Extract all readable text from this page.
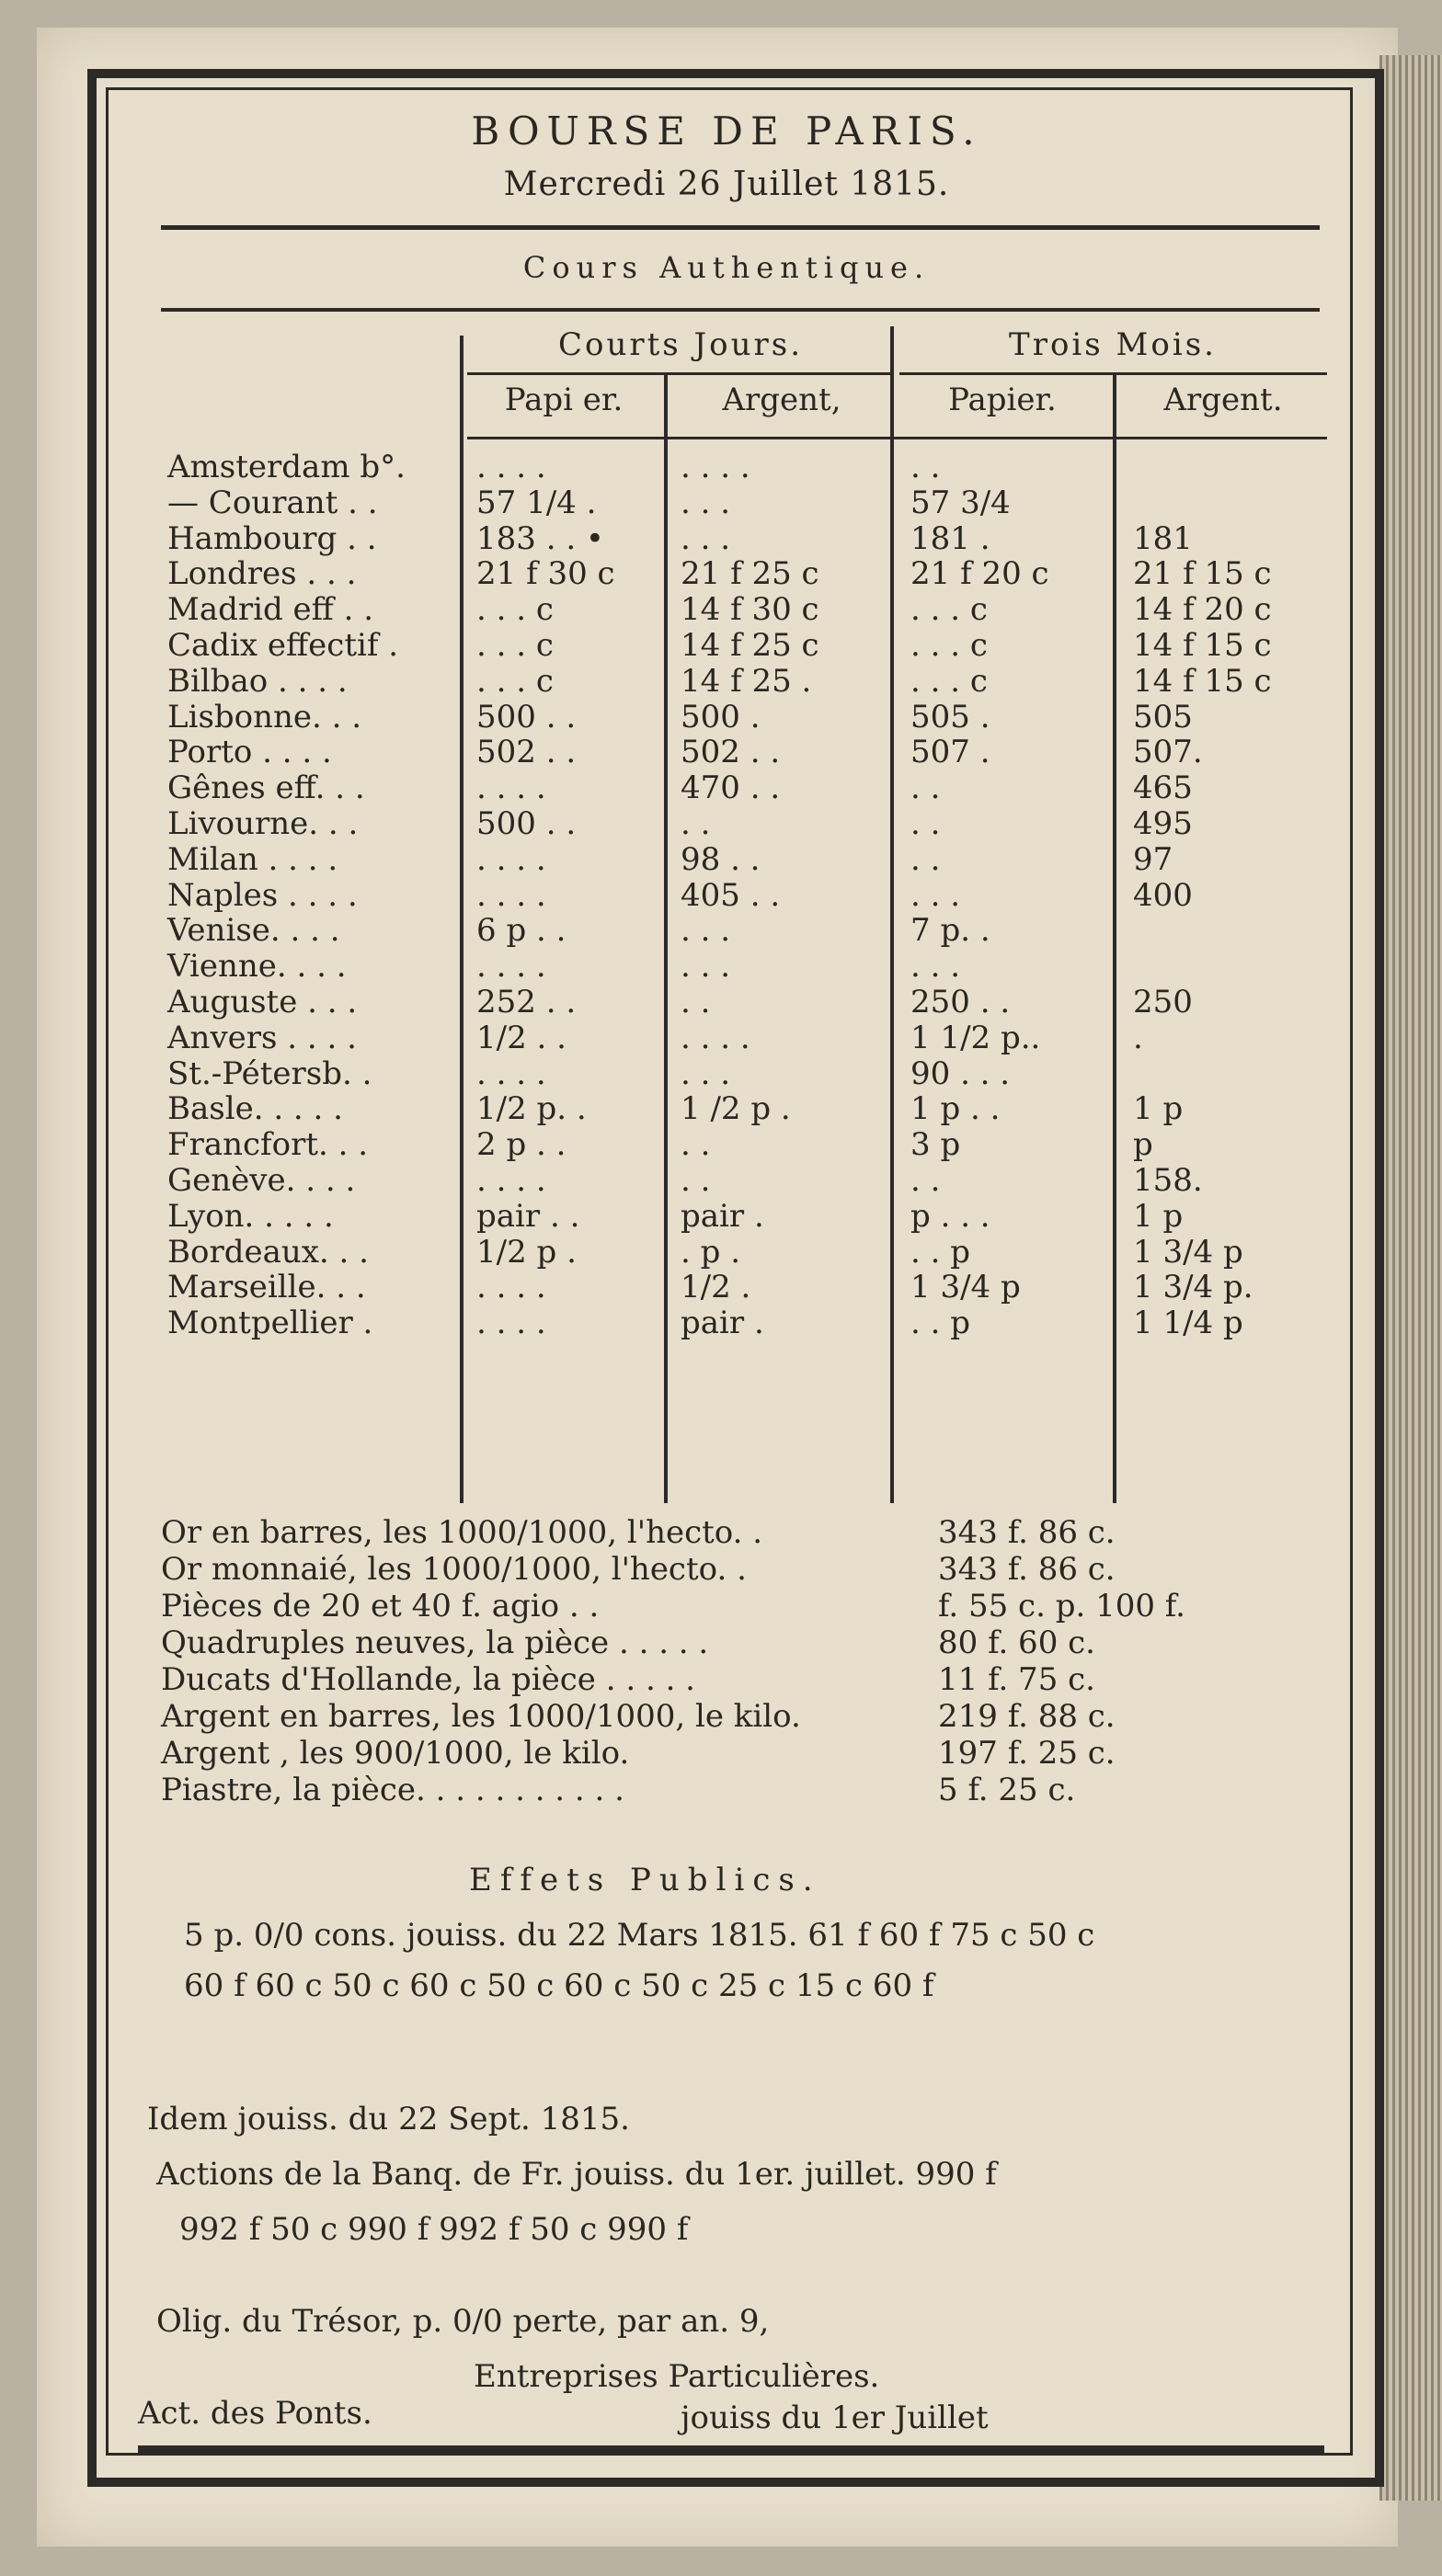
BOURSE DE PARIS.
Mercredi 26 Juillet 1815.
Cours Authentique.
Courts Jours.	Trois Mois.
Papi er.	Argent,	Papier.	Argent.
Amsterdam b°.	. . . .	. . . .	. .
— Courant . .	57 1/4 .	. . .	57 3/4
Hambourg . .	183 . . •	. . .	181 .	181
Londres . . .	21 f 30 c	21 f 25 c	21 f 20 c	21 f 15 c
Madrid eff . .	. . . c	14 f 30 c	. . . c	14 f 20 c
Cadix effectif .	. . . c	14 f 25 c	. . . c	14 f 15 c
Bilbao . . . .	. . . c	14 f 25 .	. . . c	14 f 15 c
Lisbonne. . .	500 . .	500 .	505 .	505
Porto . . . .	502 . .	502 . .	507 .	507.
Gênes eff. . .	. . . .	470 . .	. .	465
Livourne. . .	500 . .	. .	. .	495
Milan . . . .	. . . .	98 . .	. .	97
Naples . . . .	. . . .	405 . .	. . .	400
Venise. . . .	6 p . .	. . .	7 p. .
Vienne. . . .	. . . .	. . .	. . .
Auguste . . .	252 . .	. .	250 . .	250
Anvers . . . .	1/2 . .	. . . .	1 1/2 p..	.
St.-Pétersb. .	. . . .	. . .	90 . . .
Basle. . . . .	1/2 p. .	1 /2 p .	1 p . .	1 p
Francfort. . .	2 p . .	. .	3 p	p
Genève. . . .	. . . .	. .	. .	158.
Lyon. . . . .	pair . .	pair .	p . . .	1 p
Bordeaux. . .	1/2 p .	. p .	. . p	1 3/4 p
Marseille. . .	. . . .	1/2 .	1 3/4 p	1 3/4 p.
Montpellier .	. . . .	pair .	. . p	1 1/4 p
Or en barres, les 1000/1000, l'hecto. .	343 f. 86 c.
Or monnaié, les 1000/1000, l'hecto. .	343 f. 86 c.
Pièces de 20 et 40 f. agio . .	f. 55 c. p. 100 f.
Quadruples neuves, la pièce . . . . .	80 f. 60 c.
Ducats d'Hollande, la pièce . . . . .	11 f. 75 c.
Argent en barres, les 1000/1000, le kilo.	219 f. 88 c.
Argent , les 900/1000, le kilo.	197 f. 25 c.
Piastre, la pièce. . . . . . . . . . .	5 f. 25 c.
Effets Publics.
5 p. 0/0 cons. jouiss. du 22 Mars 1815. 61 f 60 f 75 c 50 c
60 f 60 c 50 c 60 c 50 c 60 c 50 c 25 c 15 c 60 f
Idem jouiss. du 22 Sept. 1815.
Actions de la Banq. de Fr. jouiss. du 1er. juillet. 990 f
992 f 50 c 990 f 992 f 50 c 990 f
Olig. du Trésor, p. 0/0 perte, par an. 9,
Entreprises Particulières.
Act. des Ponts.	jouiss du 1er Juillet
